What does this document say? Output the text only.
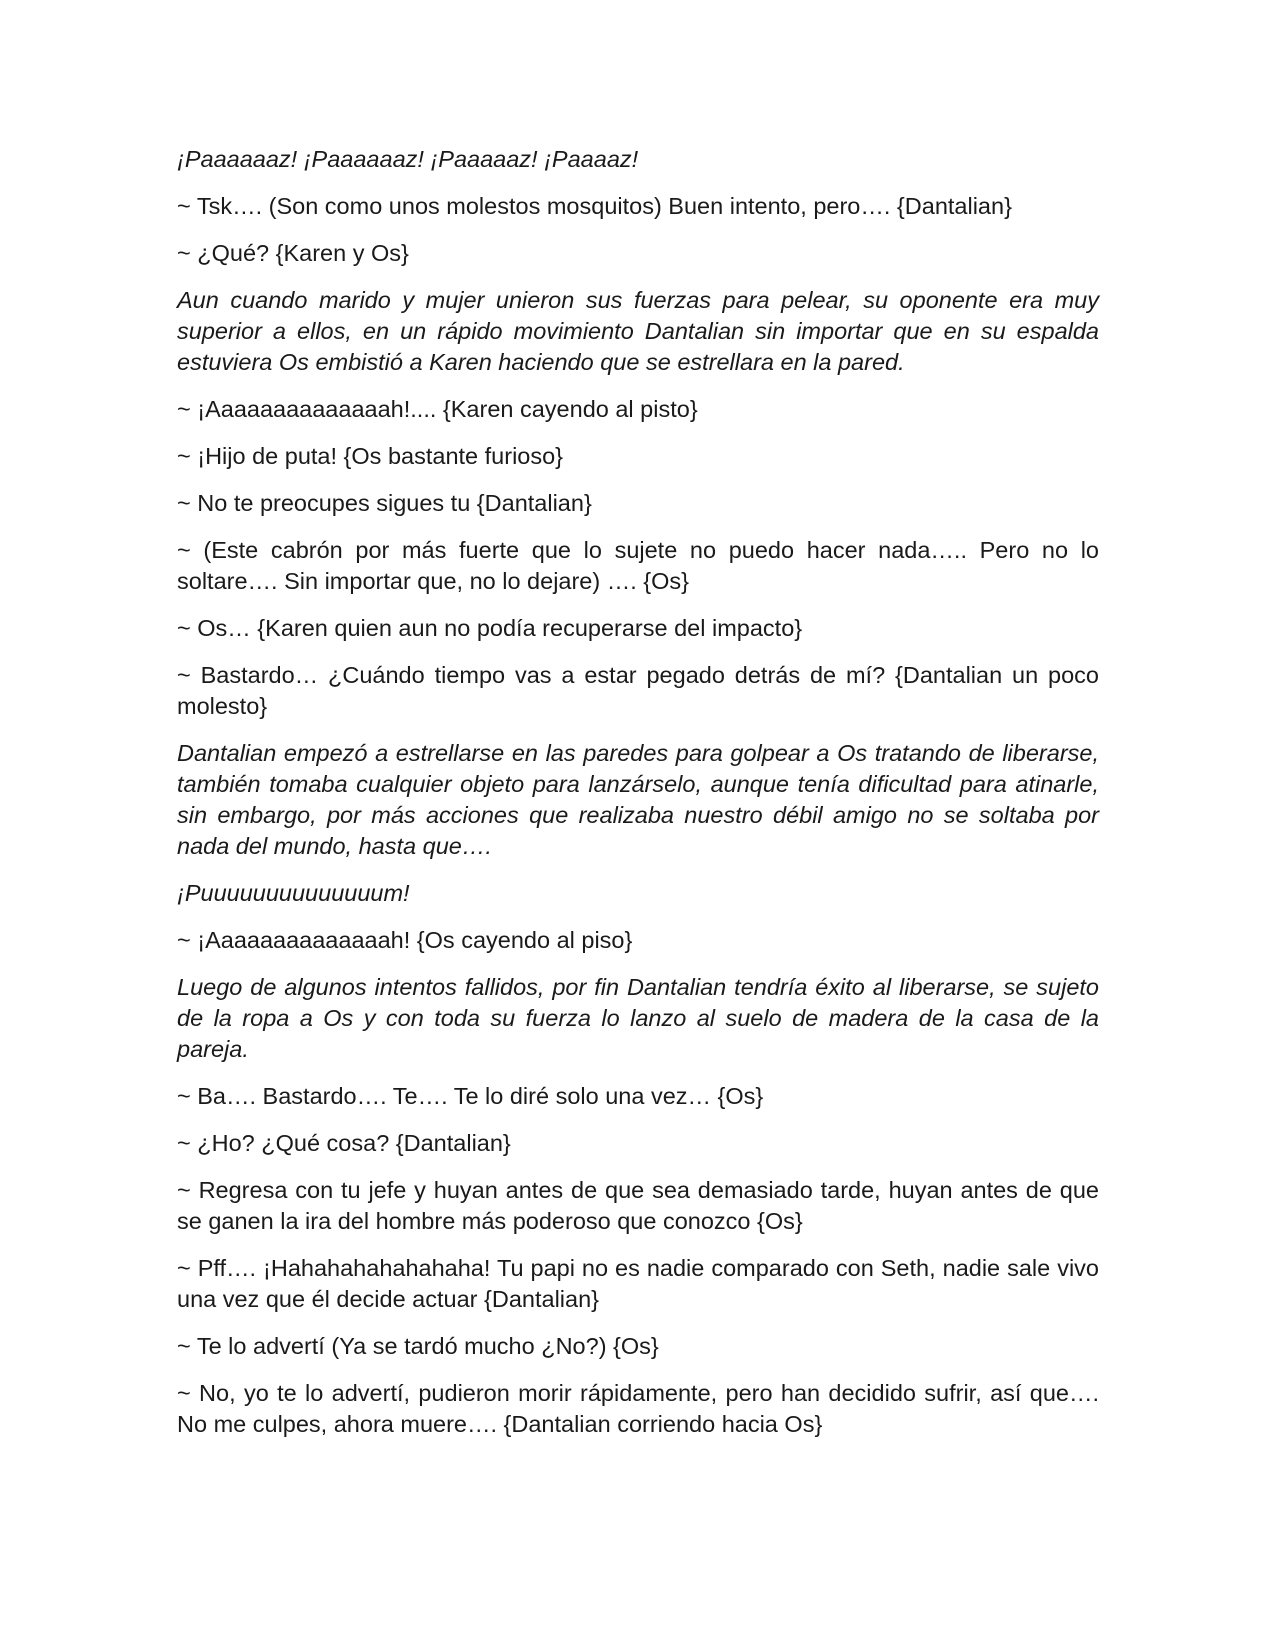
¡Paaaaaaz! ¡Paaaaaaz! ¡Paaaaaz! ¡Paaaaz!

~ Tsk…. (Son como unos molestos mosquitos) Buen intento, pero…. {Dantalian}

~ ¿Qué? {Karen y Os}

Aun cuando marido y mujer unieron sus fuerzas para pelear, su oponente era muy superior a ellos, en un rápido movimiento Dantalian sin importar que en su espalda estuviera Os embistió a Karen haciendo que se estrellara en la pared.

~ ¡Aaaaaaaaaaaaaah!.... {Karen cayendo al pisto}

~ ¡Hijo de puta! {Os bastante furioso}

~ No te preocupes sigues tu {Dantalian}

~ (Este cabrón por más fuerte que lo sujete no puedo hacer nada….. Pero no lo soltare…. Sin importar que, no lo dejare) …. {Os}

~ Os… {Karen quien aun no podía recuperarse del impacto}

~ Bastardo… ¿Cuándo tiempo vas a estar pegado detrás de mí? {Dantalian un poco molesto}

Dantalian empezó a estrellarse en las paredes para golpear a Os tratando de liberarse, también tomaba cualquier objeto para lanzárselo, aunque tenía dificultad para atinarle, sin embargo, por más acciones que realizaba nuestro débil amigo no se soltaba por nada del mundo, hasta que….

¡Puuuuuuuuuuuuuum!

~ ¡Aaaaaaaaaaaaaah! {Os cayendo al piso}

Luego de algunos intentos fallidos, por fin Dantalian tendría éxito al liberarse, se sujeto de la ropa a Os y con toda su fuerza lo lanzo al suelo de madera de la casa de la pareja.

~ Ba…. Bastardo…. Te…. Te lo diré solo una vez… {Os}

~ ¿Ho? ¿Qué cosa? {Dantalian}

~ Regresa con tu jefe y huyan antes de que sea demasiado tarde, huyan antes de que se ganen la ira del hombre más poderoso que conozco {Os}

~ Pff…. ¡Hahahahahahahaha! Tu papi no es nadie comparado con Seth, nadie sale vivo una vez que él decide actuar {Dantalian}

~ Te lo advertí (Ya se tardó mucho ¿No?) {Os}

~ No, yo te lo advertí, pudieron morir rápidamente, pero han decidido sufrir, así que…. No me culpes, ahora muere…. {Dantalian corriendo hacia Os}
